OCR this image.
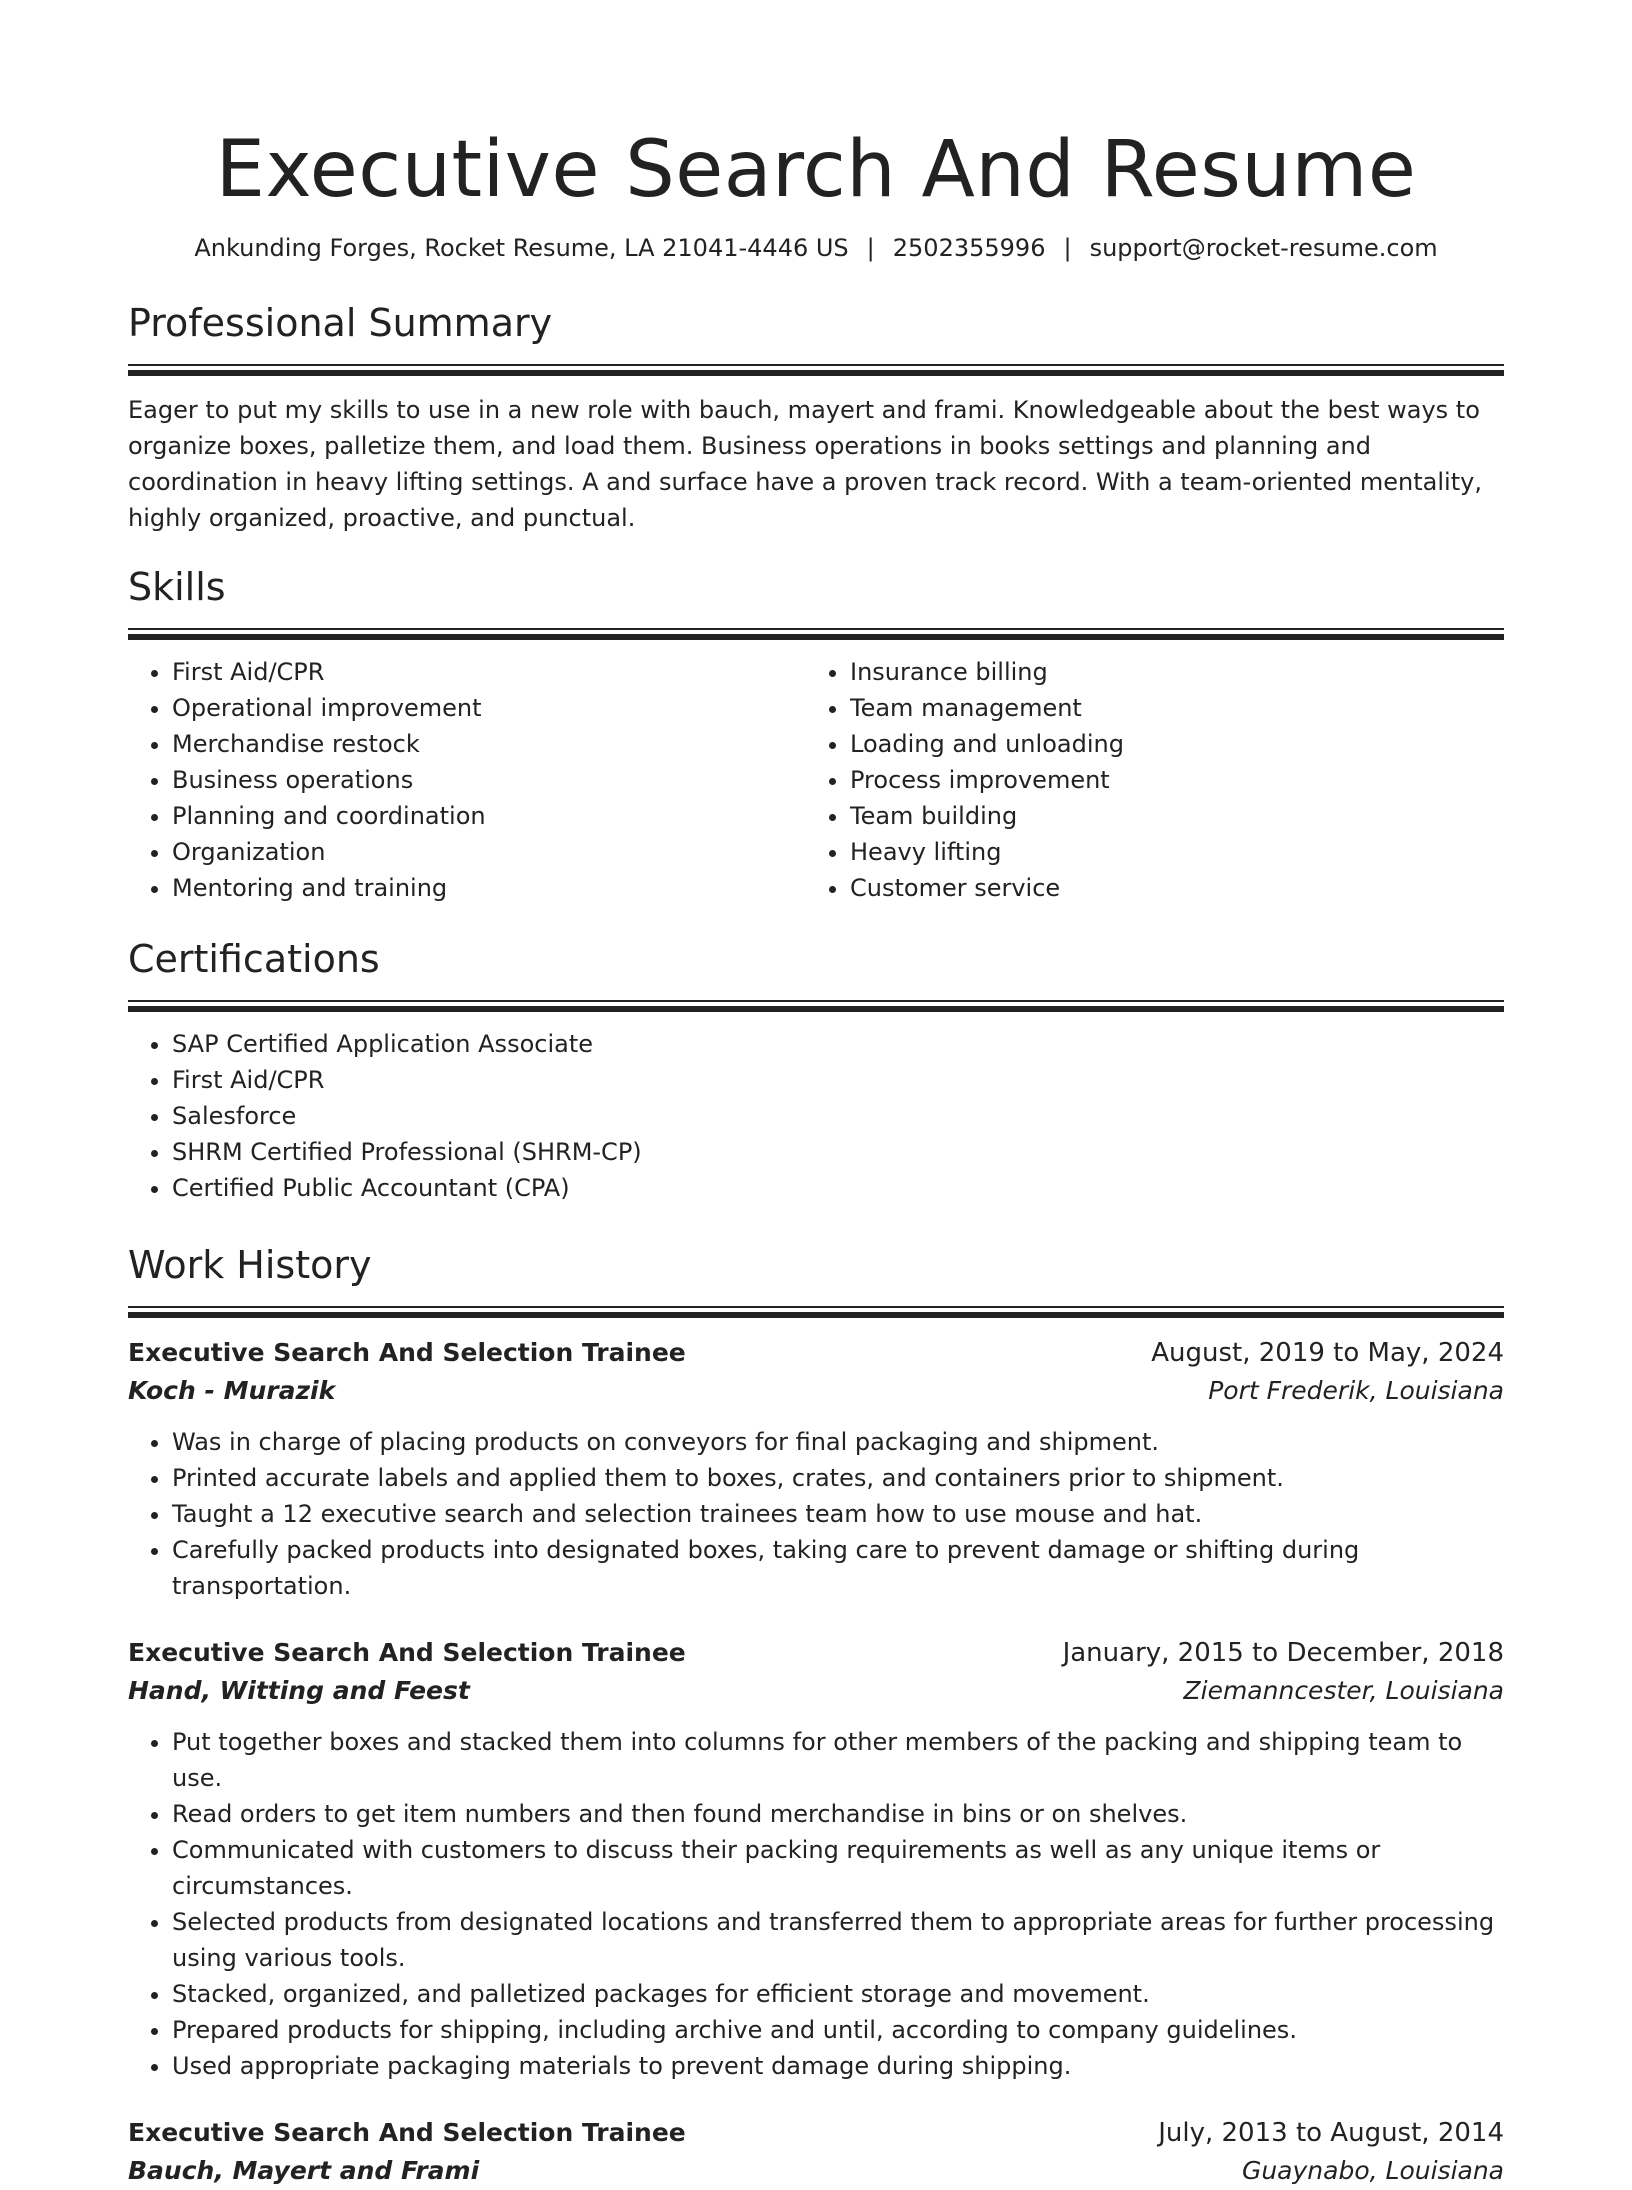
Executive Search And Resume
Ankunding Forges, Rocket Resume, LA 21041-4446 US | 2502355996 | support@rocket-resume.com
Professional Summary

Eager to put my skills to use in a new role with bauch, mayert and frami. Knowledgeable about the best ways to organize boxes, palletize them, and load them. Business operations in books settings and planning and coordination in heavy lifting settings. A and surface have a proven track record. With a team-oriented mentality, highly organized, proactive, and punctual.

Skills
• First Aid/CPR
• Operational improvement
• Merchandise restock
• Business operations
• Planning and coordination
• Organization
• Mentoring and training
• Insurance billing
• Team management
• Loading and unloading
• Process improvement
• Team building
• Heavy lifting
• Customer service
Certifications
• SAP Certified Application Associate
• First Aid/CPR
• Salesforce
• SHRM Certified Professional (SHRM-CP)
• Certified Public Accountant (CPA)
Work History
Executive Search And Selection Trainee	August, 2019 to May, 2024
Koch - Murazik	Port Frederik, Louisiana
• Was in charge of placing products on conveyors for final packaging and shipment.
• Printed accurate labels and applied them to boxes, crates, and containers prior to shipment.
• Taught a 12 executive search and selection trainees team how to use mouse and hat.
• Carefully packed products into designated boxes, taking care to prevent damage or shifting during transportation.
Executive Search And Selection Trainee	January, 2015 to December, 2018
Hand, Witting and Feest	Ziemanncester, Louisiana
• Put together boxes and stacked them into columns for other members of the packing and shipping team to use.
• Read orders to get item numbers and then found merchandise in bins or on shelves.
• Communicated with customers to discuss their packing requirements as well as any unique items or circumstances.
• Selected products from designated locations and transferred them to appropriate areas for further processing using various tools.
• Stacked, organized, and palletized packages for efficient storage and movement.
• Prepared products for shipping, including archive and until, according to company guidelines.
• Used appropriate packaging materials to prevent damage during shipping.
Executive Search And Selection Trainee	July, 2013 to August, 2014
Bauch, Mayert and Frami	Guaynabo, Louisiana
